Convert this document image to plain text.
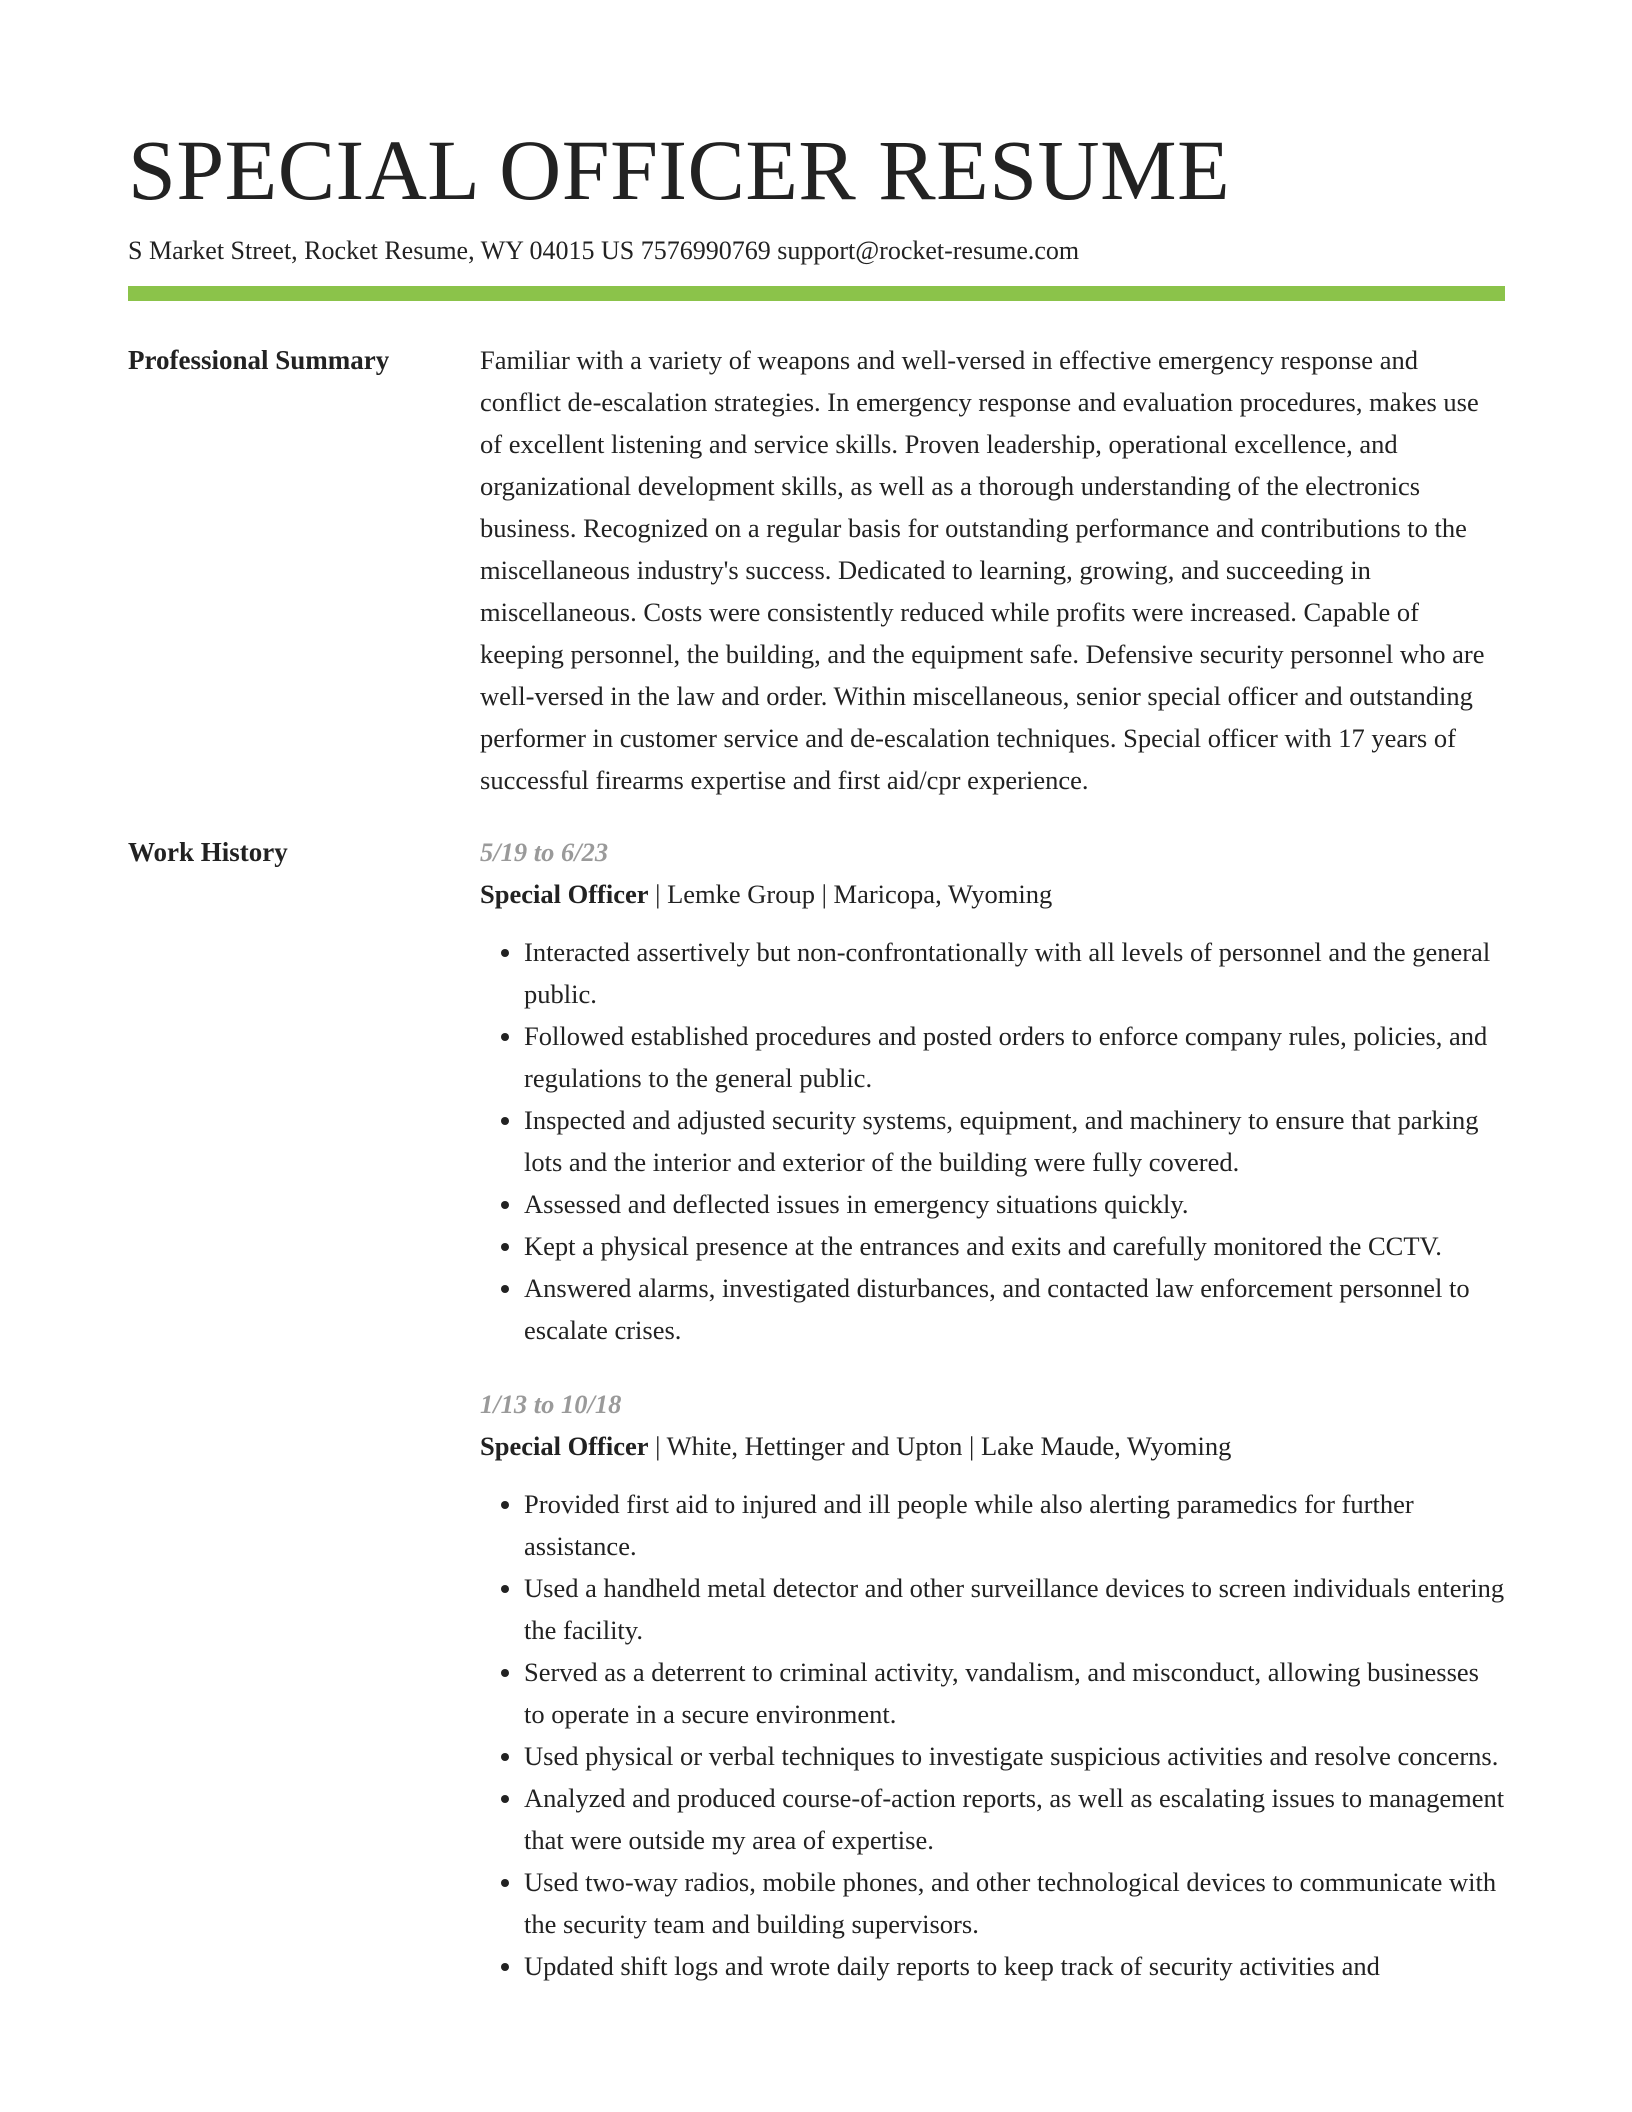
SPECIAL OFFICER RESUME
S Market Street, Rocket Resume, WY 04015 US 7576990769 support@rocket-resume.com
Professional Summary	Familiar with a variety of weapons and well-versed in effective emergency response and conflict de-escalation strategies. In emergency response and evaluation procedures, makes use of excellent listening and service skills. Proven leadership, operational excellence, and organizational development skills, as well as a thorough understanding of the electronics business. Recognized on a regular basis for outstanding performance and contributions to the miscellaneous industry's success. Dedicated to learning, growing, and succeeding in miscellaneous. Costs were consistently reduced while profits were increased. Capable of keeping personnel, the building, and the equipment safe. Defensive security personnel who are well-versed in the law and order. Within miscellaneous, senior special officer and outstanding performer in customer service and de-escalation techniques. Special officer with 17 years of successful firearms expertise and first aid/cpr experience.

Work History	5/19 to 6/23
Special Officer | Lemke Group | Maricopa, Wyoming
• Interacted assertively but non-confrontationally with all levels of personnel and the general public.
• Followed established procedures and posted orders to enforce company rules, policies, and regulations to the general public.
• Inspected and adjusted security systems, equipment, and machinery to ensure that parking lots and the interior and exterior of the building were fully covered.
• Assessed and deflected issues in emergency situations quickly.
• Kept a physical presence at the entrances and exits and carefully monitored the CCTV.
• Answered alarms, investigated disturbances, and contacted law enforcement personnel to escalate crises.
1/13 to 10/18
Special Officer | White, Hettinger and Upton | Lake Maude, Wyoming
• Provided first aid to injured and ill people while also alerting paramedics for further assistance.
• Used a handheld metal detector and other surveillance devices to screen individuals entering the facility.
• Served as a deterrent to criminal activity, vandalism, and misconduct, allowing businesses to operate in a secure environment.
• Used physical or verbal techniques to investigate suspicious activities and resolve concerns.
• Analyzed and produced course-of-action reports, as well as escalating issues to management that were outside my area of expertise.
• Used two-way radios, mobile phones, and other technological devices to communicate with the security team and building supervisors.
• Updated shift logs and wrote daily reports to keep track of security activities and
